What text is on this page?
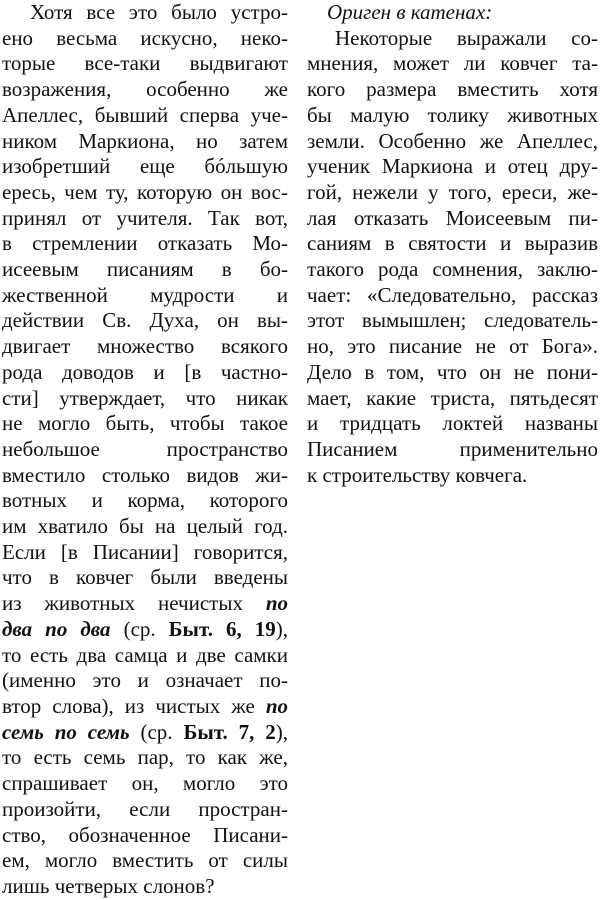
Хотя все это было устро-
ено весьма искусно, неко-
торые все-таки выдвигают
возражения, особенно же
Апеллес, бывший сперва уче-
ником Маркиона, но затем
изобретший еще бóльшую
ересь, чем ту, которую он вос-
принял от учителя. Так вот,
в стремлении отказать Мо-
исеевым писаниям в бо-
жественной мудрости и
действии Св. Духа, он вы-
двигает множество всякого
рода доводов и [в частно-
сти] утверждает, что никак
не могло быть, чтобы такое
небольшое пространство
вместило столько видов жи-
вотных и корма, которого
им хватило бы на целый год.
Если [в Писании] говорится,
что в ковчег были введены
из животных нечистых по
два по два (ср. Быт. 6, 19),
то есть два самца и две самки
(именно это и означает по-
втор слова), из чистых же по
семь по семь (ср. Быт. 7, 2),
то есть семь пар, то как же,
спрашивает он, могло это
произойти, если простран-
ство, обозначенное Писани-
ем, могло вместить от силы
лишь четверых слонов?
Ориген в катенах:
Некоторые выражали со-
мнения, может ли ковчег та-
кого размера вместить хотя
бы малую толику животных
земли. Особенно же Апеллес,
ученик Маркиона и отец дру-
гой, нежели у того, ереси, же-
лая отказать Моисеевым пи-
саниям в святости и выразив
такого рода сомнения, заклю-
чает: «Следовательно, рассказ
этот вымышлен; следователь-
но, это писание не от Бога».
Дело в том, что он не пони-
мает, какие триста, пятьдесят
и тридцать локтей названы
Писанием применительно
к строительству ковчега.
